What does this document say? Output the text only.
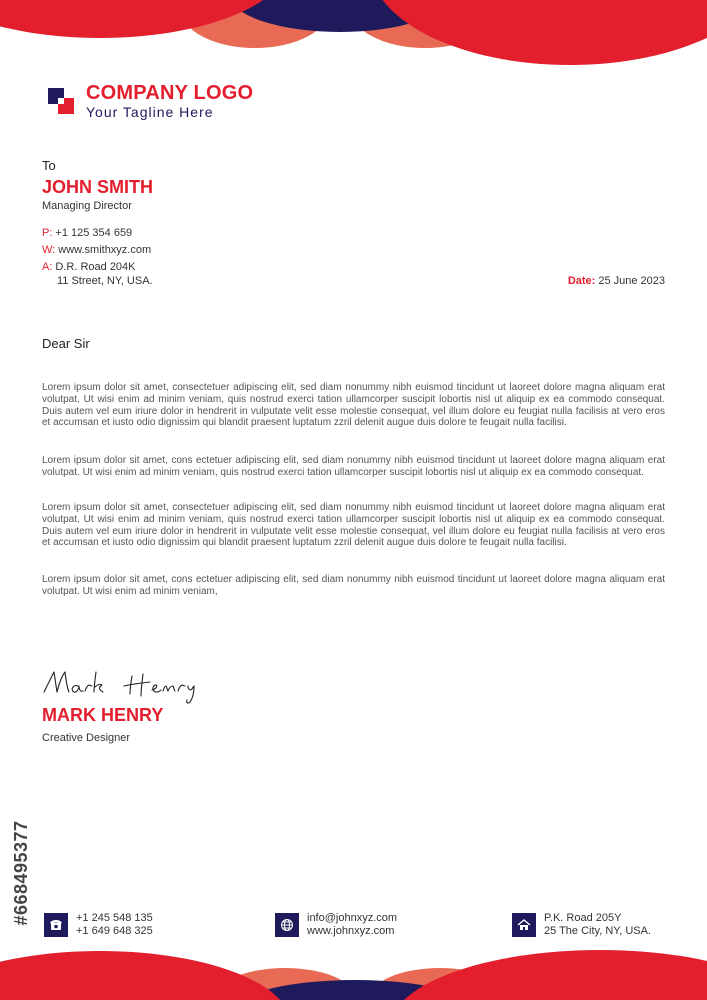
COMPANY LOGO
Your Tagline Here
To
JOHN SMITH
Managing Director
P: +1 125 354 659
W: www.smithxyz.com
A: D.R. Road 204K
11 Street, NY, USA.	Date: 25 June 2023
Dear Sir

Lorem ipsum dolor sit amet, consectetuer adipiscing elit, sed diam nonummy nibh euismod tincidunt ut laoreet dolore magna aliquam erat volutpat. Ut wisi enim ad minim veniam, quis nostrud exerci tation ullamcorper suscipit lobortis nisl ut aliquip ex ea commodo consequat. Duis autem vel eum iriure dolor in hendrerit in vulputate velit esse molestie consequat, vel illum dolore eu feugiat nulla facilisis at vero eros et accumsan et iusto odio dignissim qui blandit praesent luptatum zzril delenit augue duis dolore te feugait nulla facilisi.

Lorem ipsum dolor sit amet, cons ectetuer adipiscing elit, sed diam nonummy nibh euismod tincidunt ut laoreet dolore magna aliquam erat volutpat. Ut wisi enim ad minim veniam, quis nostrud exerci tation ullamcorper suscipit lobortis nisl ut aliquip ex ea commodo consequat.

Lorem ipsum dolor sit amet, consectetuer adipiscing elit, sed diam nonummy nibh euismod tincidunt ut laoreet dolore magna aliquam erat volutpat. Ut wisi enim ad minim veniam, quis nostrud exerci tation ullamcorper suscipit lobortis nisl ut aliquip ex ea commodo consequat. Duis autem vel eum iriure dolor in hendrerit in vulputate velit esse molestie consequat, vel illum dolore eu feugiat nulla facilisis at vero eros et accumsan et iusto odio dignissim qui blandit praesent luptatum zzril delenit augue duis dolore te feugait nulla facilisi.

Lorem ipsum dolor sit amet, cons ectetuer adipiscing elit, sed diam nonummy nibh euismod tincidunt ut laoreet dolore magna aliquam erat volutpat. Ut wisi enim ad minim veniam,

MARK HENRY
Creative Designer
#668495377	+1 245 548 135
+1 649 648 325
info@johnxyz.com
www.johnxyz.com
P.K. Road 205Y
25 The City, NY, USA.
